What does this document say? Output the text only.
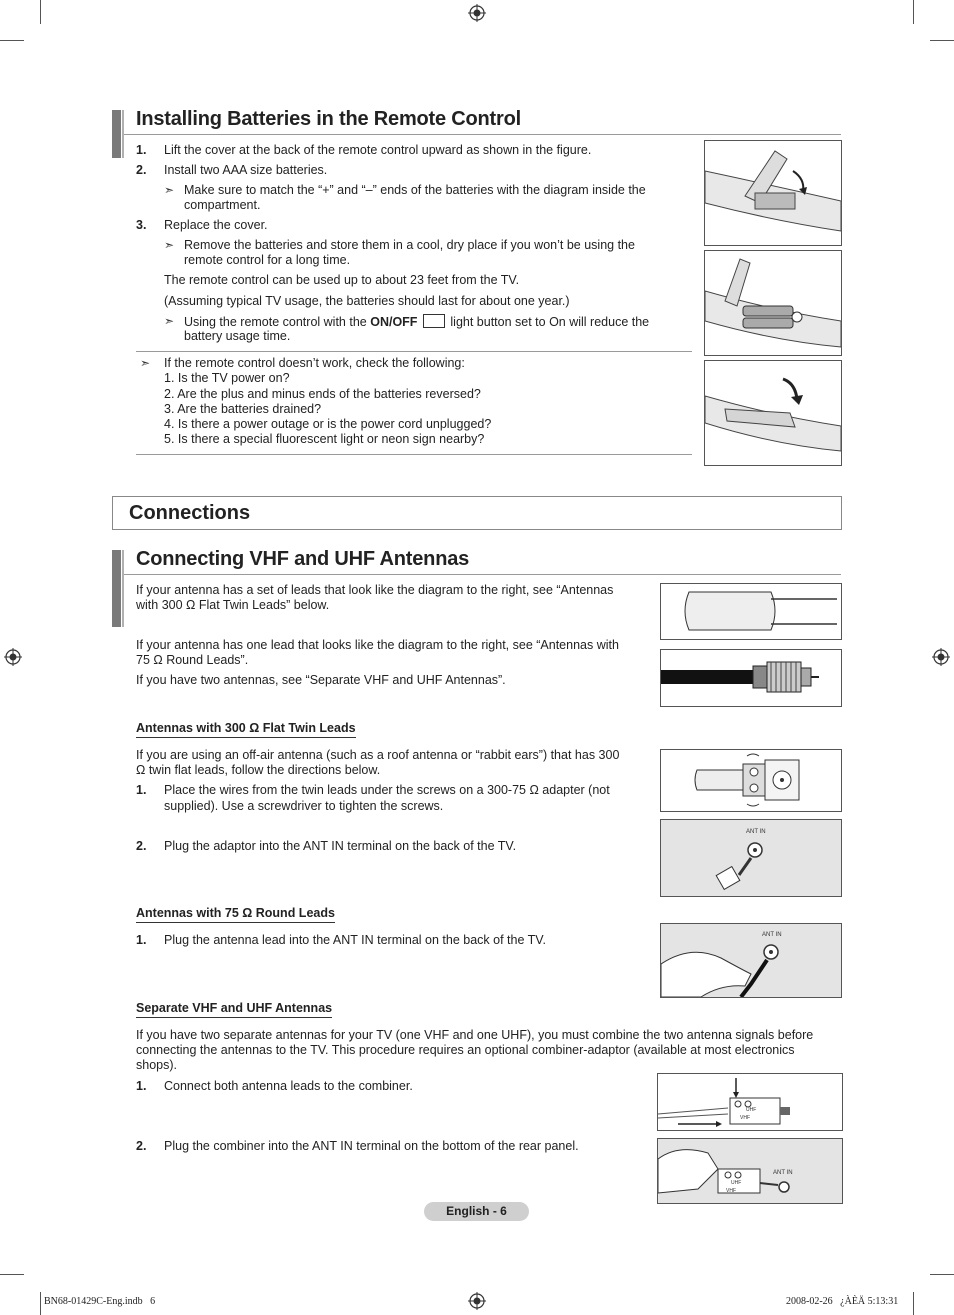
Installing Batteries in the Remote Control
1. Lift the cover at the back of the remote control upward as shown in the figure.
2. Install two AAA size batteries.
➣ Make sure to match the “+” and “–” ends of the batteries with the diagram inside the
compartment.
3. Replace the cover.
➣ Remove the batteries and store them in a cool, dry place if you won’t be using the
remote control for a long time.
The remote control can be used up to about 23 feet from the TV.
(Assuming typical TV usage, the batteries should last for about one year.)
➣ Using the remote control with the ON/OFF	light button set to On will reduce the
battery usage time.
➣ If the remote control doesn’t work, check the following:
1. Is the TV power on?
2. Are the plus and minus ends of the batteries reversed?
3. Are the batteries drained?
4. Is there a power outage or is the power cord unplugged?
5. Is there a special fluorescent light or neon sign nearby?
Connections
Connecting VHF and UHF Antennas
If your antenna has a set of leads that look like the diagram to the right, see “Antennas
with 300 Ω Flat Twin Leads” below.
If your antenna has one lead that looks like the diagram to the right, see “Antennas with
75 Ω Round Leads”.
If you have two antennas, see “Separate VHF and UHF Antennas”.
Antennas with 300 Ω Flat Twin Leads
If you are using an off-air antenna (such as a roof antenna or “rabbit ears”) that has 300
Ω twin flat leads, follow the directions below.
1. Place the wires from the twin leads under the screws on a 300-75 Ω adapter (not
supplied). Use a screwdriver to tighten the screws.
2. Plug the adaptor into the ANT IN terminal on the back of the TV.
ANT IN
Antennas with 75 Ω Round Leads
1. Plug the antenna lead into the ANT IN terminal on the back of the TV.	ANT IN
Separate VHF and UHF Antennas
If you have two separate antennas for your TV (one VHF and one UHF), you must combine the two antenna signals before
connecting the antennas to the TV. This procedure requires an optional combiner-adaptor (available at most electronics
shops).
1. Connect both antenna leads to the combiner.
2. Plug the combiner into the ANT IN terminal on the bottom of the rear panel.
UHF
VHF
ANT IN
UHF
VHF
English - 6
BN68-01429C-Eng.indb   6	2008-02-26   ¿ÀÈÄ 5:13:31
